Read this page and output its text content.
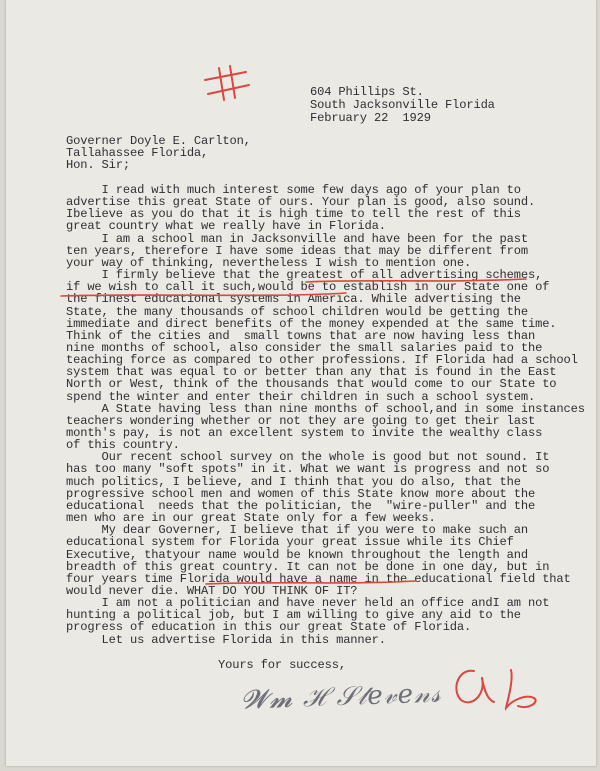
604 Phillips St.
South Jacksonville Florida
February 22  1929
Governer Doyle E. Carlton,
Tallahassee Florida,
Hon. Sir;
I read with much interest some few days ago of your plan to
advertise this great State of ours. Your plan is good, also sound.
Ibelieve as you do that it is high time to tell the rest of this
great country what we really have in Florida.
I am a school man in Jacksonville and have been for the past
ten years, therefore I have some ideas that may be different from
your way of thinking, nevertheless I wish to mention one.
I firmly believe that the greatest of all advertising schemes,
if we wish to call it such,would be to establish in our State one of
the finest educational systems in America. While advertising the
State, the many thousands of school children would be getting the
immediate and direct benefits of the money expended at the same time.
Think of the cities and  small towns that are now having less than
nine months of school, also consider the small salaries paid to the
teaching force as compared to other professions. If Florida had a school
system that was equal to or better than any that is found in the East
North or West, think of the thousands that would come to our State to
spend the winter and enter their children in such a school system.
A State having less than nine months of school,and in some instances
teachers wondering whether or not they are going to get their last
month's pay, is not an excellent system to invite the wealthy class
of this country.
Our recent school survey on the whole is good but not sound. It
has too many "soft spots" in it. What we want is progress and not so
much politics, I believe, and I thinh that you do also, that the
progressive school men and women of this State know more about the
educational  needs that the politician, the  "wire-puller" and the
men who are in our great State only for a few weeks.
My dear Governer, I believe that if you were to make such an
educational system for Florida your great issue while its Chief
Executive, thatyour name would be known throughout the length and
breadth of this great country. It can not be done in one day, but in
four years time Florida would have a name in the educational field that
would never die. WHAT DO YOU THINK OF IT?
I am not a politician and have never held an office andI am not
hunting a political job, but I am willing to give any aid to the
progress of education in this our great State of Florida.
Let us advertise Florida in this manner.
Yours for success,
𝓦𝓶 ℋ 𝒮𝓉𝑒𝓋𝑒𝓃𝓈
